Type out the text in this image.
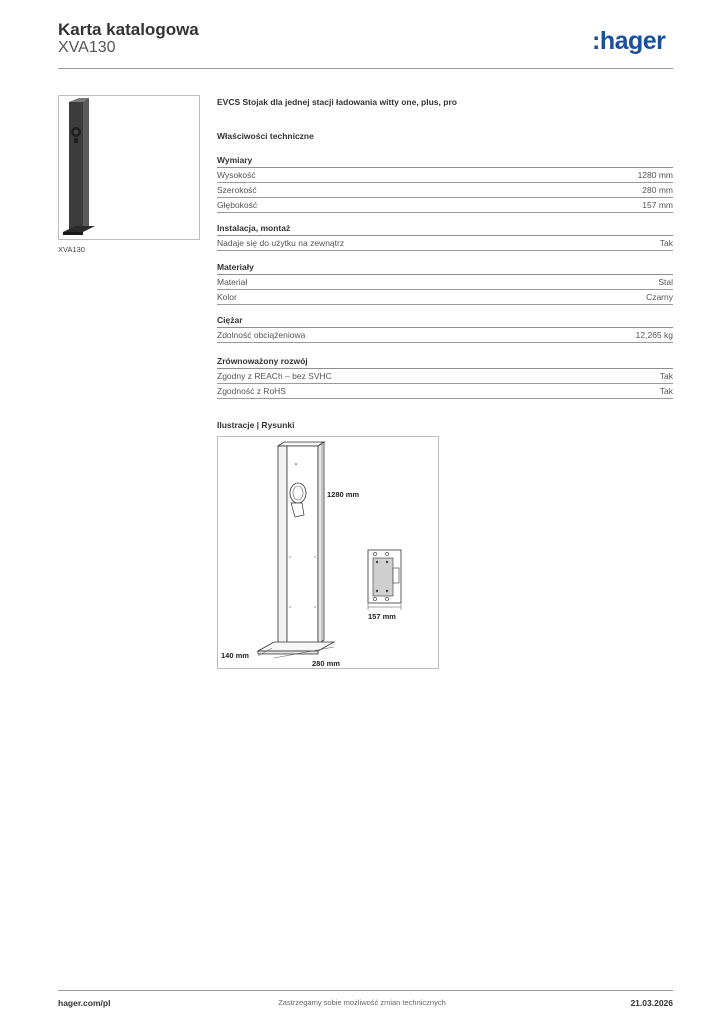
Karta katalogowa
XVA130	:hager
XVA130
EVCS Stojak dla jednej stacji ładowania witty one, plus, pro
Właściwości techniczne
Wymiary
Wysokość	1280 mm
Szerokość	280 mm
Głębokość	157 mm
Instalacja, montaż
Nadaje się do użytku na zewnątrz	Tak
Materiały
Materiał	Stal
Kolor	Czarny
Ciężar
Zdolność obciążeniowa	12,265 kg
Zrównoważony rozwój
Zgodny z REACh – bez SVHC	Tak
Zgodność z RoHS	Tak
Ilustracje | Rysunki
1280 mm
140 mm
280 mm
157 mm
hager.com/pl	Zastrzegamy sobie możliwość zmian technicznych	21.03.2026
